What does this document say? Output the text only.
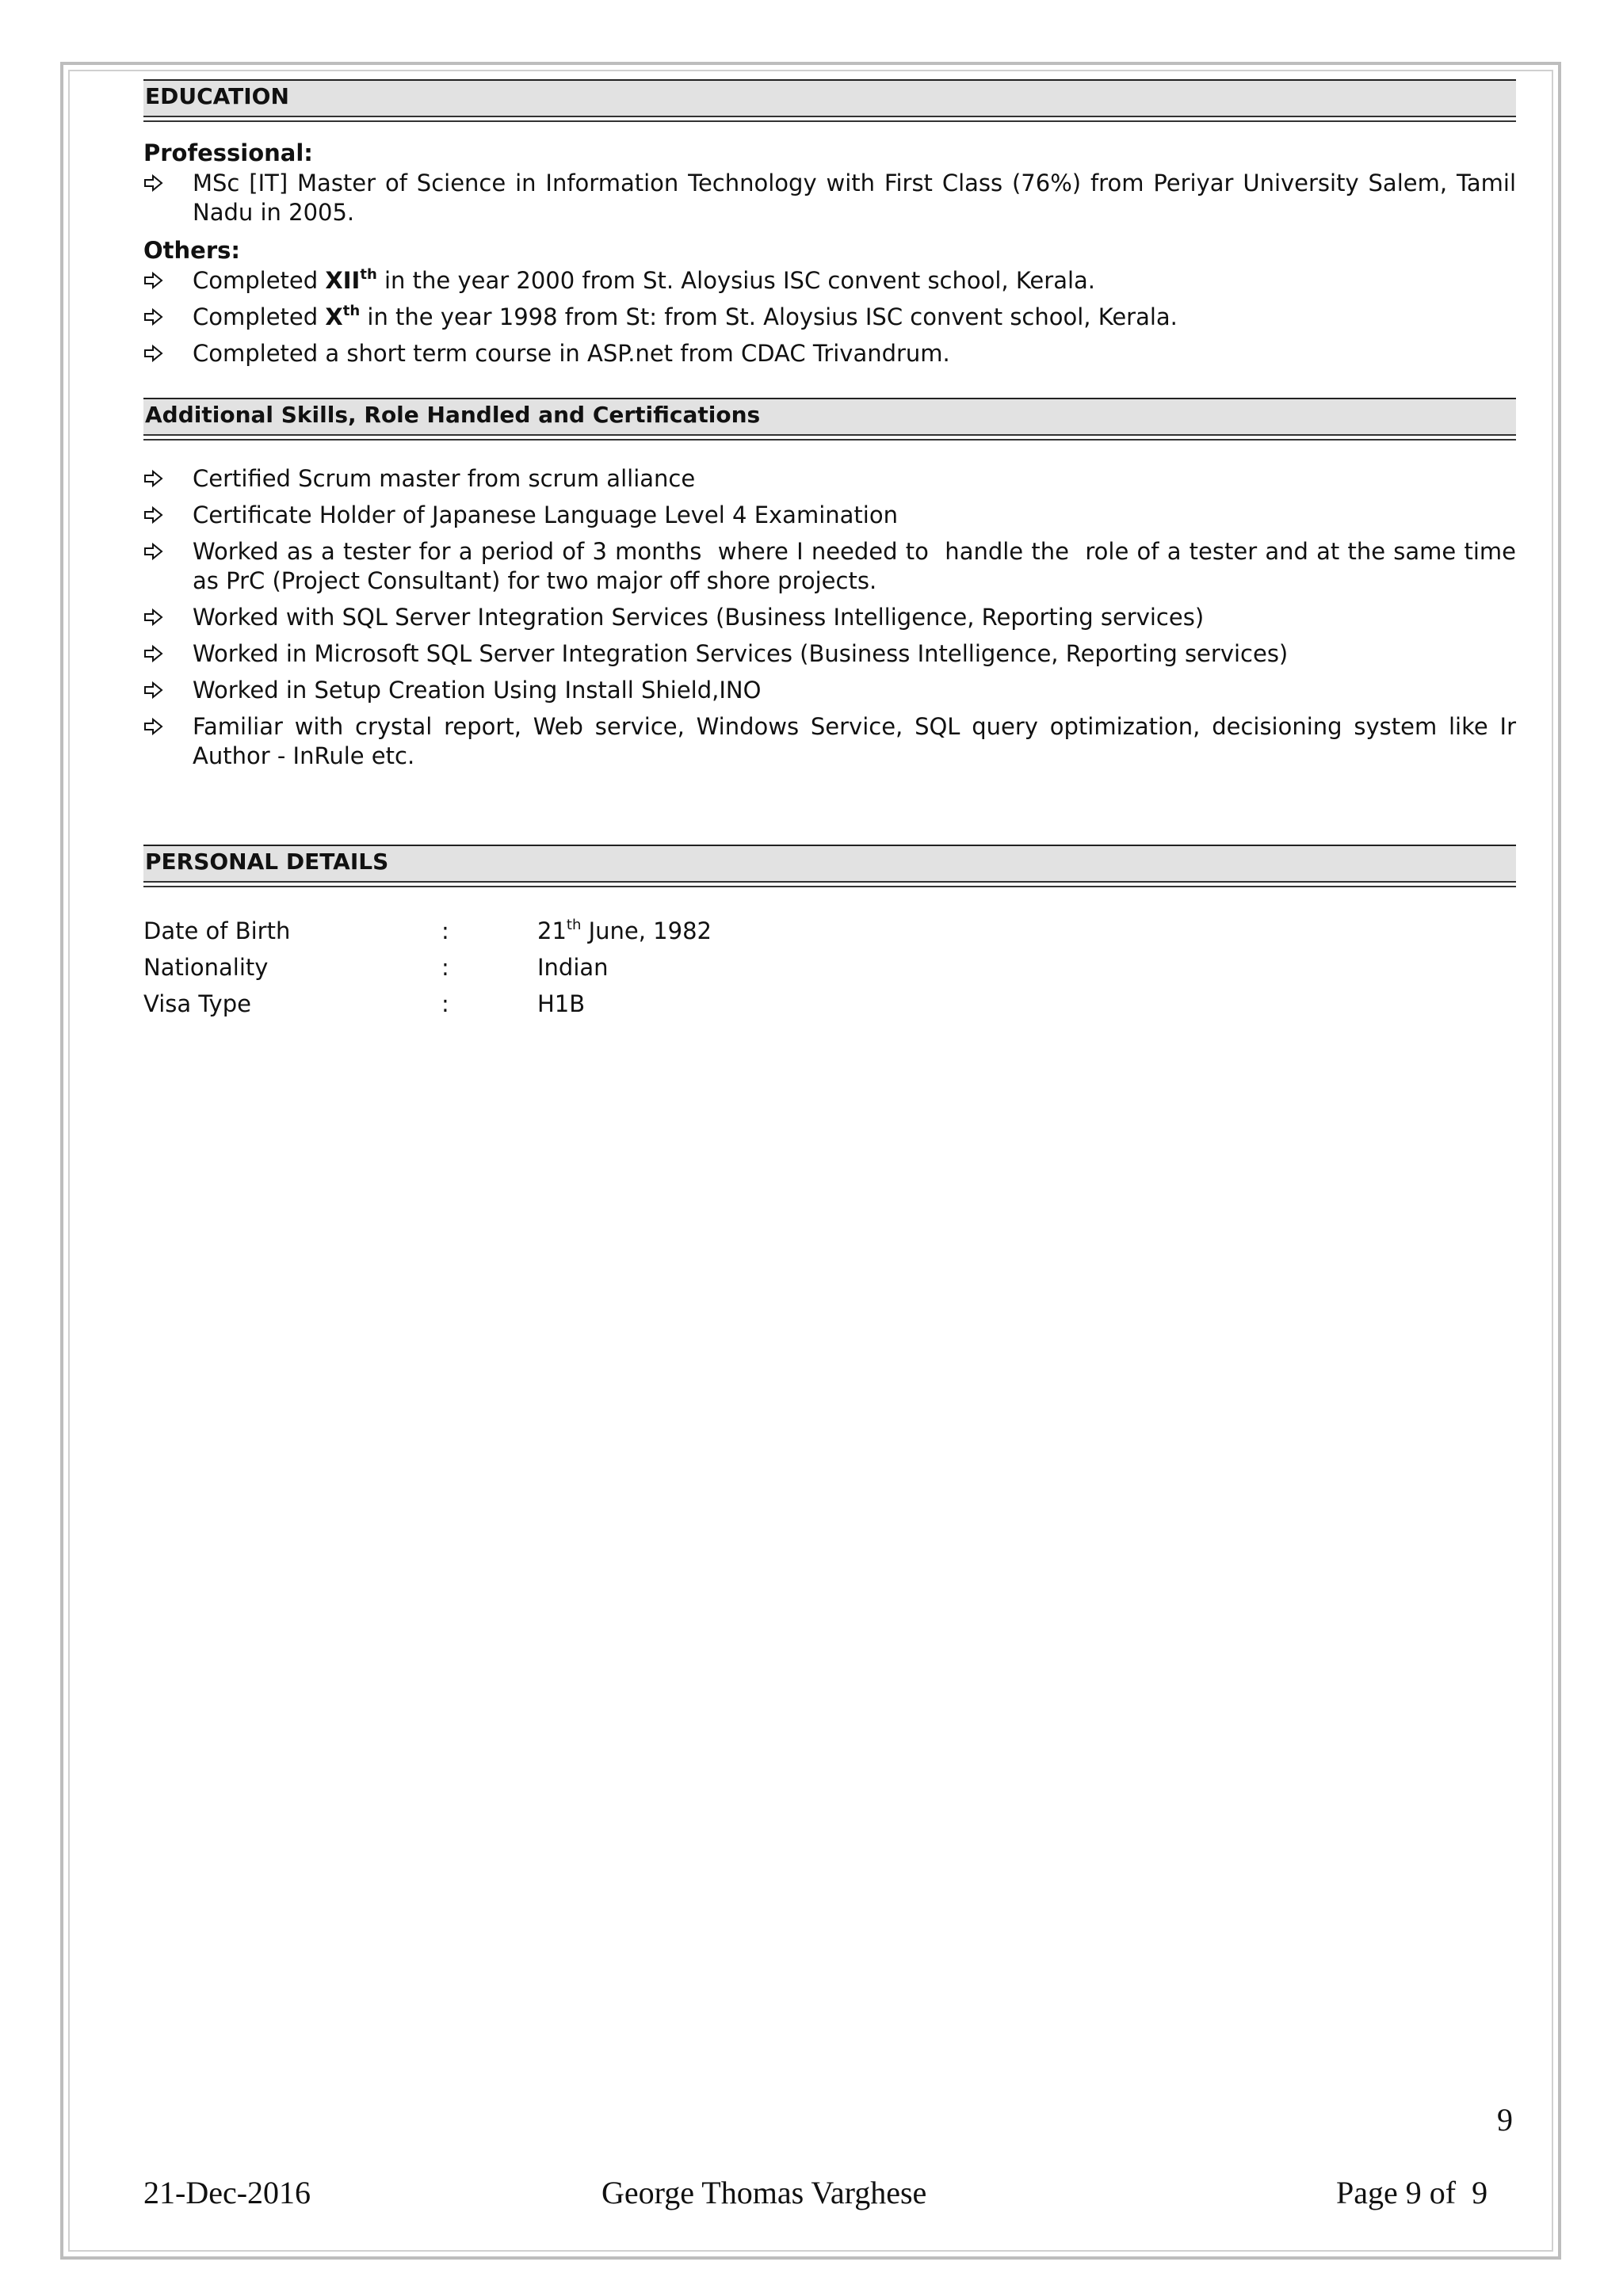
EDUCATION
Professional:
MSc [IT] Master of Science in Information Technology with First Class (76%) from Periyar University Salem, Tamil Nadu in 2005.
Others:
Completed XIIth in the year 2000 from St. Aloysius ISC convent school, Kerala.
Completed Xth in the year 1998 from St: from St. Aloysius ISC convent school, Kerala.
Completed a short term course in ASP.net from CDAC Trivandrum.
Additional Skills, Role Handled and Certifications
Certified Scrum master from scrum alliance
Certificate Holder of Japanese Language Level 4 Examination
Worked as a tester for a period of 3 months  where I needed to  handle the  role of a tester and at the same time as PrC (Project Consultant) for two major off shore projects.
Worked with SQL Server Integration Services (Business Intelligence, Reporting services)
Worked in Microsoft SQL Server Integration Services (Business Intelligence, Reporting services)
Worked in Setup Creation Using Install Shield,INO
Familiar with crystal report, Web service, Windows Service, SQL query optimization, decisioning system like Ir Author - InRule etc.
PERSONAL DETAILS
Date of Birth	:	21th June, 1982
Nationality	:	Indian
Visa Type	:	H1B
9
21-Dec-2016	George Thomas Varghese	Page 9 of  9
